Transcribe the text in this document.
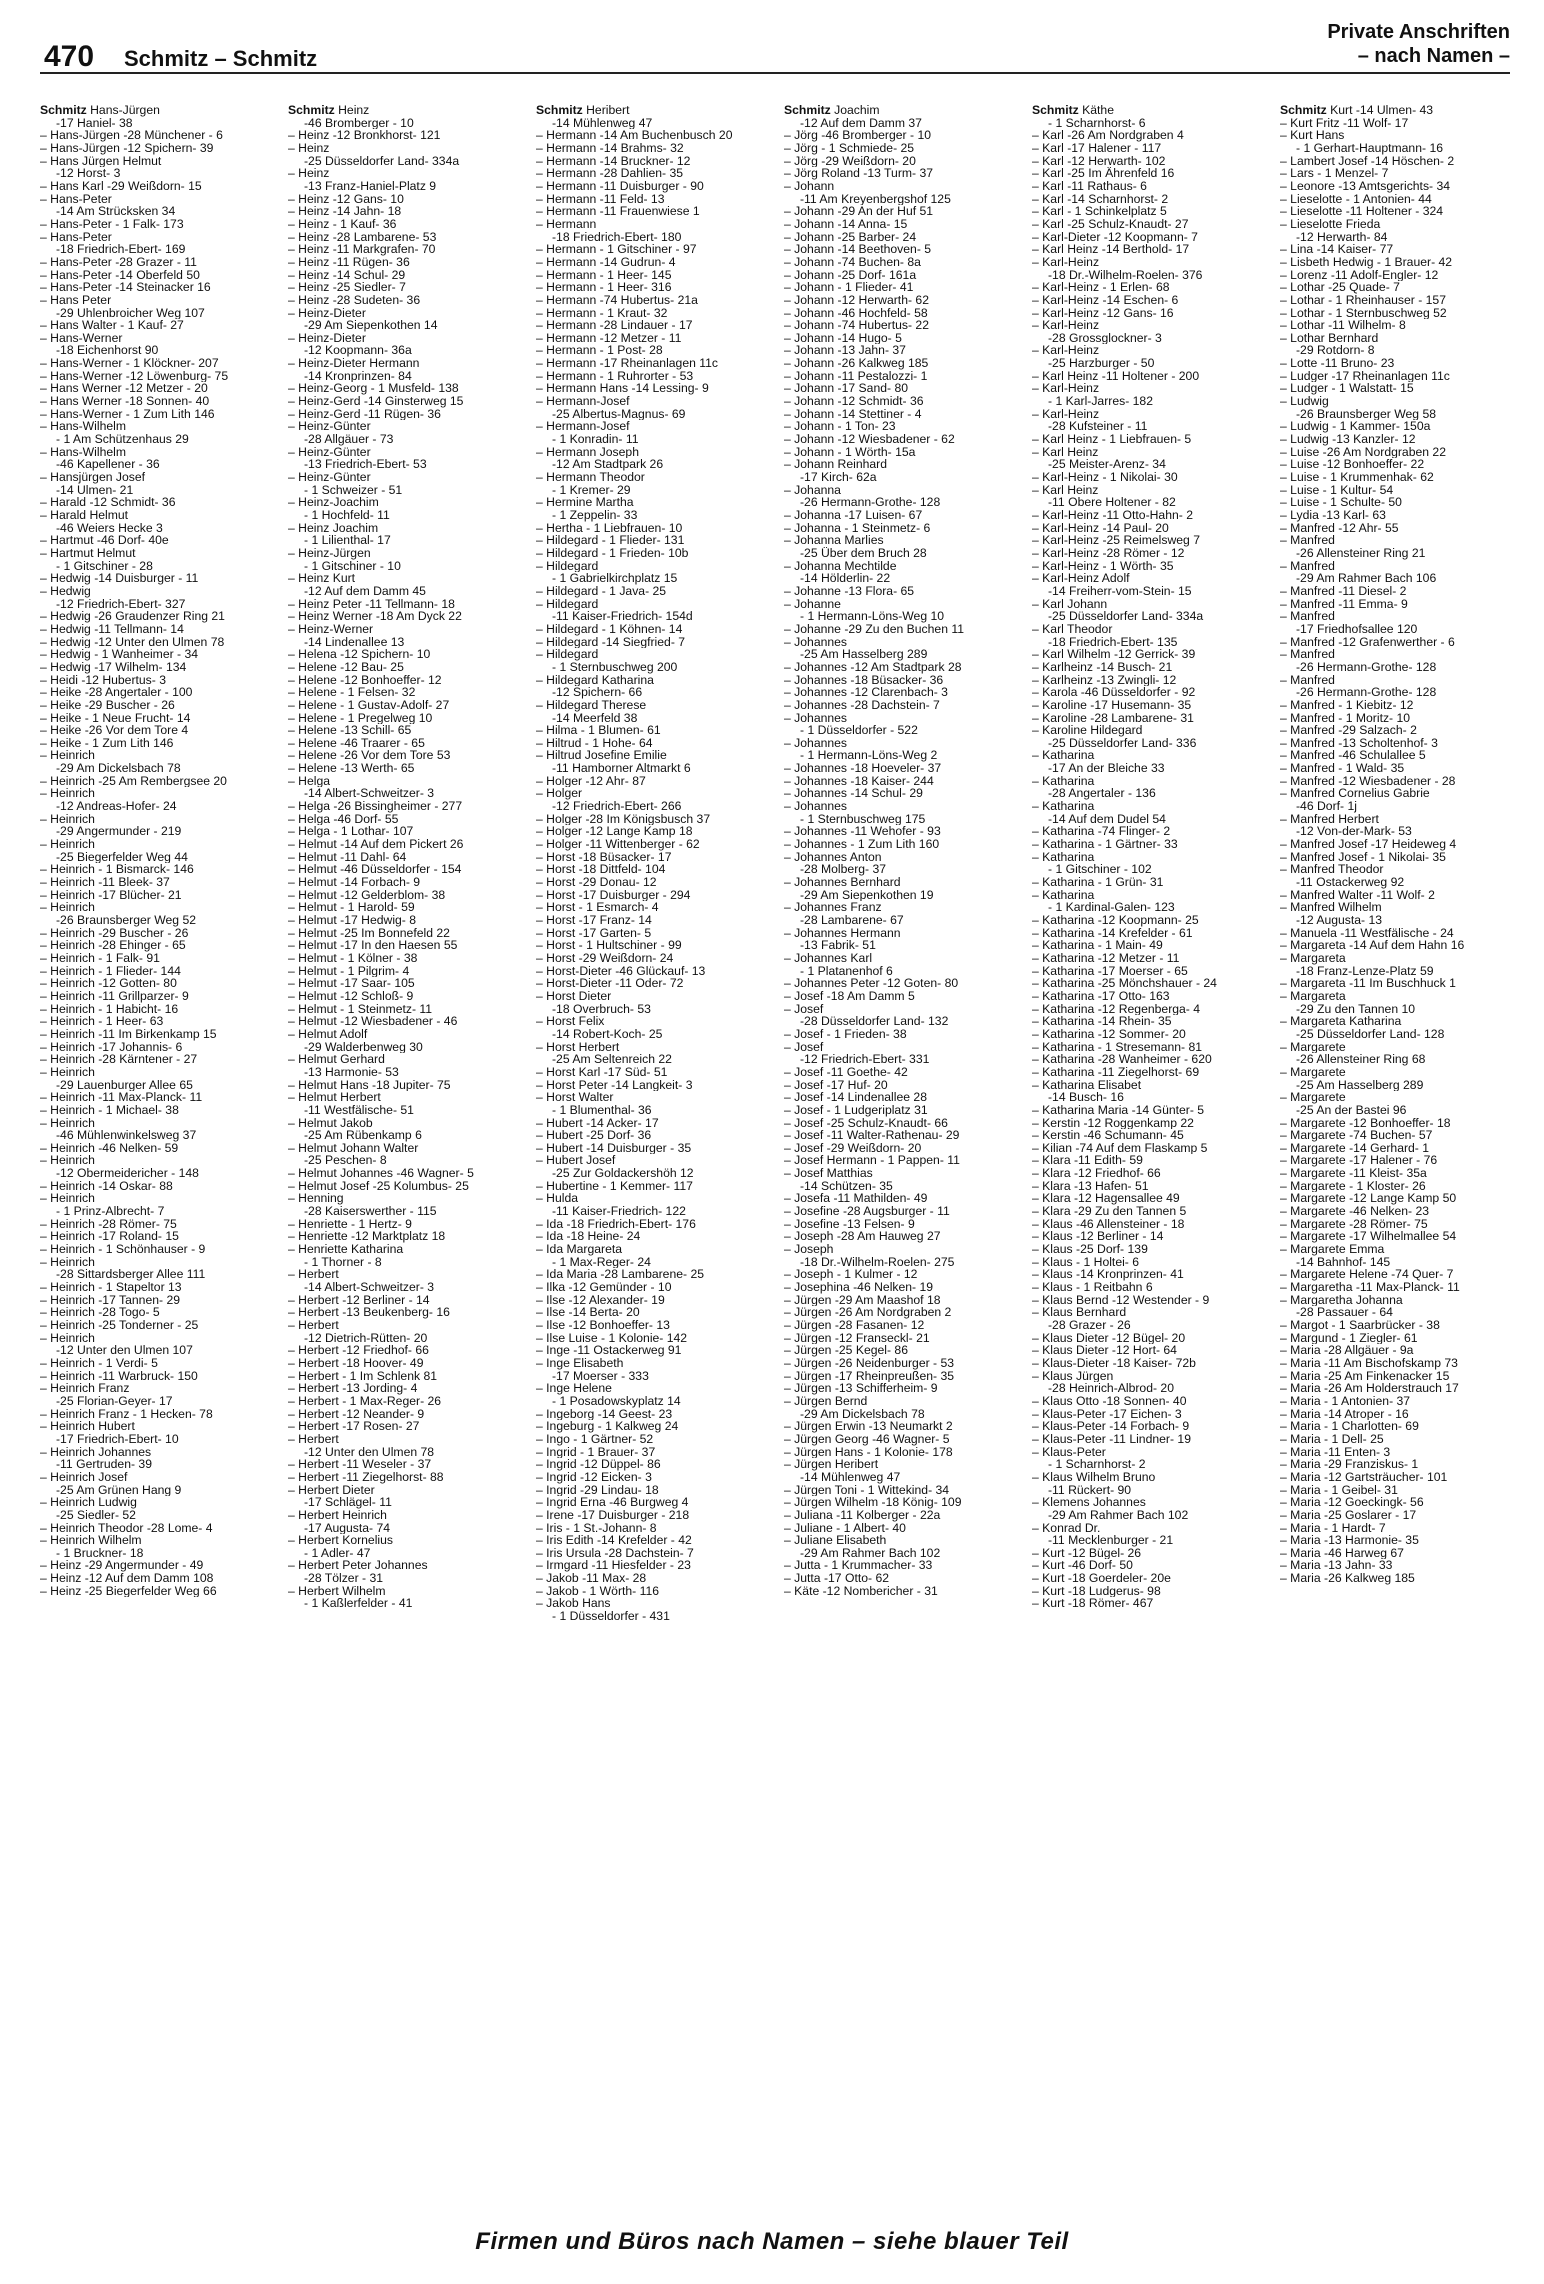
470 Schmitz – Schmitz
Private Anschriften
– nach Namen –
Schmitz Hans-Jürgen
-17 Haniel- 38
– Hans-Jürgen -28 Münchener - 6
– Hans-Jürgen -12 Spichern- 39
– Hans Jürgen Helmut
-12 Horst- 3
– Hans Karl -29 Weißdorn- 15
– Hans-Peter
-14 Am Strücksken 34
– Hans-Peter - 1 Falk- 173
– Hans-Peter
-18 Friedrich-Ebert- 169
– Hans-Peter -28 Grazer - 11
– Hans-Peter -14 Oberfeld 50
– Hans-Peter -14 Steinacker 16
– Hans Peter
-29 Uhlenbroicher Weg 107
– Hans Walter - 1 Kauf- 27
– Hans-Werner
-18 Eichenhorst 90
– Hans-Werner - 1 Klöckner- 207
– Hans-Werner -12 Löwenburg- 75
– Hans Werner -12 Metzer - 20
– Hans Werner -18 Sonnen- 40
– Hans-Werner - 1 Zum Lith 146
– Hans-Wilhelm
- 1 Am Schützenhaus 29
– Hans-Wilhelm
-46 Kapellener - 36
– Hansjürgen Josef
-14 Ulmen- 21
– Harald -12 Schmidt- 36
– Harald Helmut
-46 Weiers Hecke 3
– Hartmut -46 Dorf- 40e
– Hartmut Helmut
- 1 Gitschiner - 28
– Hedwig -14 Duisburger - 11
– Hedwig
-12 Friedrich-Ebert- 327
– Hedwig -26 Graudenzer Ring 21
– Hedwig -11 Tellmann- 14
– Hedwig -12 Unter den Ulmen 78
– Hedwig - 1 Wanheimer - 34
– Hedwig -17 Wilhelm- 134
– Heidi -12 Hubertus- 3
– Heike -28 Angertaler - 100
– Heike -29 Buscher - 26
– Heike - 1 Neue Frucht- 14
– Heike -26 Vor dem Tore 4
– Heike - 1 Zum Lith 146
– Heinrich
-29 Am Dickelsbach 78
– Heinrich -25 Am Rembergsee 20
– Heinrich
-12 Andreas-Hofer- 24
– Heinrich
-29 Angermunder - 219
– Heinrich
-25 Biegerfelder Weg 44
– Heinrich - 1 Bismarck- 146
– Heinrich -11 Bleek- 37
– Heinrich -17 Blücher- 21
– Heinrich
-26 Braunsberger Weg 52
– Heinrich -29 Buscher - 26
– Heinrich -28 Ehinger - 65
– Heinrich - 1 Falk- 91
– Heinrich - 1 Flieder- 144
– Heinrich -12 Gotten- 80
– Heinrich -11 Grillparzer- 9
– Heinrich - 1 Habicht- 16
– Heinrich - 1 Heer- 63
– Heinrich -11 Im Birkenkamp 15
– Heinrich -17 Johannis- 6
– Heinrich -28 Kärntener - 27
– Heinrich
-29 Lauenburger Allee 65
– Heinrich -11 Max-Planck- 11
– Heinrich - 1 Michael- 38
– Heinrich
-46 Mühlenwinkelsweg 37
– Heinrich -46 Nelken- 59
– Heinrich
-12 Obermeidericher - 148
– Heinrich -14 Oskar- 88
– Heinrich
- 1 Prinz-Albrecht- 7
– Heinrich -28 Römer- 75
– Heinrich -17 Roland- 15
– Heinrich - 1 Schönhauser - 9
– Heinrich
-28 Sittardsberger Allee 111
– Heinrich - 1 Stapeltor 13
– Heinrich -17 Tannen- 29
– Heinrich -28 Togo- 5
– Heinrich -25 Tonderner - 25
– Heinrich
-12 Unter den Ulmen 107
– Heinrich - 1 Verdi- 5
– Heinrich -11 Warbruck- 150
– Heinrich Franz
-25 Florian-Geyer- 17
– Heinrich Franz - 1 Hecken- 78
– Heinrich Hubert
-17 Friedrich-Ebert- 10
– Heinrich Johannes
-11 Gertruden- 39
– Heinrich Josef
-25 Am Grünen Hang 9
– Heinrich Ludwig
-25 Siedler- 52
– Heinrich Theodor -28 Lome- 4
– Heinrich Wilhelm
- 1 Bruckner- 18
– Heinz -29 Angermunder - 49
– Heinz -12 Auf dem Damm 108
– Heinz -25 Biegerfelder Weg 66
Schmitz Heinz
-46 Bromberger - 10
– Heinz -12 Bronkhorst- 121
– Heinz
-25 Düsseldorfer Land- 334a
– Heinz
-13 Franz-Haniel-Platz 9
– Heinz -12 Gans- 10
– Heinz -14 Jahn- 18
– Heinz - 1 Kauf- 36
– Heinz -28 Lambarene- 53
– Heinz -11 Markgrafen- 70
– Heinz -11 Rügen- 36
– Heinz -14 Schul- 29
– Heinz -25 Siedler- 7
– Heinz -28 Sudeten- 36
– Heinz-Dieter
-29 Am Siepenkothen 14
– Heinz-Dieter
-12 Koopmann- 36a
– Heinz-Dieter Hermann
-14 Kronprinzen- 84
– Heinz-Georg - 1 Musfeld- 138
– Heinz-Gerd -14 Ginsterweg 15
– Heinz-Gerd -11 Rügen- 36
– Heinz-Günter
-28 Allgäuer - 73
– Heinz-Günter
-13 Friedrich-Ebert- 53
– Heinz-Günter
- 1 Schweizer - 51
– Heinz-Joachim
- 1 Hochfeld- 11
– Heinz Joachim
- 1 Lilienthal- 17
– Heinz-Jürgen
- 1 Gitschiner - 10
– Heinz Kurt
-12 Auf dem Damm 45
– Heinz Peter -11 Tellmann- 18
– Heinz Werner -18 Am Dyck 22
– Heinz-Werner
-14 Lindenallee 13
– Helena -12 Spichern- 10
– Helene -12 Bau- 25
– Helene -12 Bonhoeffer- 12
– Helene - 1 Felsen- 32
– Helene - 1 Gustav-Adolf- 27
– Helene - 1 Pregelweg 10
– Helene -13 Schill- 65
– Helene -46 Traarer - 65
– Helene -26 Vor dem Tore 53
– Helene -13 Werth- 65
– Helga
-14 Albert-Schweitzer- 3
– Helga -26 Bissingheimer - 277
– Helga -46 Dorf- 55
– Helga - 1 Lothar- 107
– Helmut -14 Auf dem Pickert 26
– Helmut -11 Dahl- 64
– Helmut -46 Düsseldorfer - 154
– Helmut -14 Forbach- 9
– Helmut -12 Gelderblom- 38
– Helmut - 1 Harold- 59
– Helmut -17 Hedwig- 8
– Helmut -25 Im Bonnefeld 22
– Helmut -17 In den Haesen 55
– Helmut - 1 Kölner - 38
– Helmut - 1 Pilgrim- 4
– Helmut -17 Saar- 105
– Helmut -12 Schloß- 9
– Helmut - 1 Steinmetz- 11
– Helmut -12 Wiesbadener - 46
– Helmut Adolf
-29 Walderbenweg 30
– Helmut Gerhard
-13 Harmonie- 53
– Helmut Hans -18 Jupiter- 75
– Helmut Herbert
-11 Westfälische- 51
– Helmut Jakob
-25 Am Rübenkamp 6
– Helmut Johann Walter
-25 Peschen- 8
– Helmut Johannes -46 Wagner- 5
– Helmut Josef -25 Kolumbus- 25
– Henning
-28 Kaiserswerther - 115
– Henriette - 1 Hertz- 9
– Henriette -12 Marktplatz 18
– Henriette Katharina
- 1 Thorner - 8
– Herbert
-14 Albert-Schweitzer- 3
– Herbert -12 Berliner - 14
– Herbert -13 Beukenberg- 16
– Herbert
-12 Dietrich-Rütten- 20
– Herbert -12 Friedhof- 66
– Herbert -18 Hoover- 49
– Herbert - 1 Im Schlenk 81
– Herbert -13 Jording- 4
– Herbert - 1 Max-Reger- 26
– Herbert -12 Neander- 9
– Herbert -17 Rosen- 27
– Herbert
-12 Unter den Ulmen 78
– Herbert -11 Weseler - 37
– Herbert -11 Ziegelhorst- 88
– Herbert Dieter
-17 Schlägel- 11
– Herbert Heinrich
-17 Augusta- 74
– Herbert Kornelius
- 1 Adler- 47
– Herbert Peter Johannes
-28 Tölzer - 31
– Herbert Wilhelm
- 1 Kaßlerfelder - 41
Schmitz Heribert
-14 Mühlenweg 47
– Hermann -14 Am Buchenbusch 20
– Hermann -14 Brahms- 32
– Hermann -14 Bruckner- 12
– Hermann -28 Dahlien- 35
– Hermann -11 Duisburger - 90
– Hermann -11 Feld- 13
– Hermann -11 Frauenwiese 1
– Hermann
-18 Friedrich-Ebert- 180
– Hermann - 1 Gitschiner - 97
– Hermann -14 Gudrun- 4
– Hermann - 1 Heer- 145
– Hermann - 1 Heer- 316
– Hermann -74 Hubertus- 21a
– Hermann - 1 Kraut- 32
– Hermann -28 Lindauer - 17
– Hermann -12 Metzer - 11
– Hermann - 1 Post- 28
– Hermann -17 Rheinanlagen 11c
– Hermann - 1 Ruhrorter - 53
– Hermann Hans -14 Lessing- 9
– Hermann-Josef
-25 Albertus-Magnus- 69
– Hermann-Josef
- 1 Konradin- 11
– Hermann Joseph
-12 Am Stadtpark 26
– Hermann Theodor
- 1 Kremer- 29
– Hermine Martha
- 1 Zeppelin- 33
– Hertha - 1 Liebfrauen- 10
– Hildegard - 1 Flieder- 131
– Hildegard - 1 Frieden- 10b
– Hildegard
- 1 Gabrielkirchplatz 15
– Hildegard - 1 Java- 25
– Hildegard
-11 Kaiser-Friedrich- 154d
– Hildegard - 1 Köhnen- 14
– Hildegard -14 Siegfried- 7
– Hildegard
- 1 Sternbuschweg 200
– Hildegard Katharina
-12 Spichern- 66
– Hildegard Therese
-14 Meerfeld 38
– Hilma - 1 Blumen- 61
– Hiltrud - 1 Hohe- 64
– Hiltrud Josefine Emilie
-11 Hamborner Altmarkt 6
– Holger -12 Ahr- 87
– Holger
-12 Friedrich-Ebert- 266
– Holger -28 Im Königsbusch 37
– Holger -12 Lange Kamp 18
– Holger -11 Wittenberger - 62
– Horst -18 Büsacker- 17
– Horst -18 Dittfeld- 104
– Horst -29 Donau- 12
– Horst -17 Duisburger - 294
– Horst - 1 Esmarch- 4
– Horst -17 Franz- 14
– Horst -17 Garten- 5
– Horst - 1 Hultschiner - 99
– Horst -29 Weißdorn- 24
– Horst-Dieter -46 Glückauf- 13
– Horst-Dieter -11 Oder- 72
– Horst Dieter
-18 Overbruch- 53
– Horst Felix
-14 Robert-Koch- 25
– Horst Herbert
-25 Am Seltenreich 22
– Horst Karl -17 Süd- 51
– Horst Peter -14 Langkeit- 3
– Horst Walter
- 1 Blumenthal- 36
– Hubert -14 Acker- 17
– Hubert -25 Dorf- 36
– Hubert -14 Duisburger - 35
– Hubert Josef
-25 Zur Goldackershöh 12
– Hubertine - 1 Kemmer- 117
– Hulda
-11 Kaiser-Friedrich- 122
– Ida -18 Friedrich-Ebert- 176
– Ida -18 Heine- 24
– Ida Margareta
- 1 Max-Reger- 24
– Ida Maria -28 Lambarene- 25
– Ilka -12 Gemünder - 10
– Ilse -12 Alexander- 19
– Ilse -14 Berta- 20
– Ilse -12 Bonhoeffer- 13
– Ilse Luise - 1 Kolonie- 142
– Inge -11 Ostackerweg 91
– Inge Elisabeth
-17 Moerser - 333
– Inge Helene
- 1 Posadowskyplatz 14
– Ingeborg -14 Geest- 23
– Ingeburg - 1 Kalkweg 24
– Ingo - 1 Gärtner- 52
– Ingrid - 1 Brauer- 37
– Ingrid -12 Düppel- 86
– Ingrid -12 Eicken- 3
– Ingrid -29 Lindau- 18
– Ingrid Erna -46 Burgweg 4
– Irene -17 Duisburger - 218
– Iris - 1 St.-Johann- 8
– Iris Edith -14 Krefelder - 42
– Iris Ursula -28 Dachstein- 7
– Irmgard -11 Hiesfelder - 23
– Jakob -11 Max- 28
– Jakob - 1 Wörth- 116
– Jakob Hans
- 1 Düsseldorfer - 431
Schmitz Joachim
-12 Auf dem Damm 37
– Jörg -46 Bromberger - 10
– Jörg - 1 Schmiede- 25
– Jörg -29 Weißdorn- 20
– Jörg Roland -13 Turm- 37
– Johann
-11 Am Kreyenbergshof 125
– Johann -29 An der Huf 51
– Johann -14 Anna- 15
– Johann -25 Barber- 24
– Johann -14 Beethoven- 5
– Johann -74 Buchen- 8a
– Johann -25 Dorf- 161a
– Johann - 1 Flieder- 41
– Johann -12 Herwarth- 62
– Johann -46 Hochfeld- 58
– Johann -74 Hubertus- 22
– Johann -14 Hugo- 5
– Johann -13 Jahn- 37
– Johann -26 Kalkweg 185
– Johann -11 Pestalozzi- 1
– Johann -17 Sand- 80
– Johann -12 Schmidt- 36
– Johann -14 Stettiner - 4
– Johann - 1 Ton- 23
– Johann -12 Wiesbadener - 62
– Johann - 1 Wörth- 15a
– Johann Reinhard
-17 Kirch- 62a
– Johanna
-26 Hermann-Grothe- 128
– Johanna -17 Luisen- 67
– Johanna - 1 Steinmetz- 6
– Johanna Marlies
-25 Über dem Bruch 28
– Johanna Mechtilde
-14 Hölderlin- 22
– Johanne -13 Flora- 65
– Johanne
- 1 Hermann-Löns-Weg 10
– Johanne -29 Zu den Buchen 11
– Johannes
-25 Am Hasselberg 289
– Johannes -12 Am Stadtpark 28
– Johannes -18 Büsacker- 36
– Johannes -12 Clarenbach- 3
– Johannes -28 Dachstein- 7
– Johannes
- 1 Düsseldorfer - 522
– Johannes
- 1 Hermann-Löns-Weg 2
– Johannes -18 Hoeveler- 37
– Johannes -18 Kaiser- 244
– Johannes -14 Schul- 29
– Johannes
- 1 Sternbuschweg 175
– Johannes -11 Wehofer - 93
– Johannes - 1 Zum Lith 160
– Johannes Anton
-28 Molberg- 37
– Johannes Bernhard
-29 Am Siepenkothen 19
– Johannes Franz
-28 Lambarene- 67
– Johannes Hermann
-13 Fabrik- 51
– Johannes Karl
- 1 Platanenhof 6
– Johannes Peter -12 Goten- 80
– Josef -18 Am Damm 5
– Josef
-28 Düsseldorfer Land- 132
– Josef - 1 Frieden- 38
– Josef
-12 Friedrich-Ebert- 331
– Josef -11 Goethe- 42
– Josef -17 Huf- 20
– Josef -14 Lindenallee 28
– Josef - 1 Ludgeriplatz 31
– Josef -25 Schulz-Knaudt- 66
– Josef -11 Walter-Rathenau- 29
– Josef -29 Weißdorn- 20
– Josef Hermann - 1 Pappen- 11
– Josef Matthias
-14 Schützen- 35
– Josefa -11 Mathilden- 49
– Josefine -28 Augsburger - 11
– Josefine -13 Felsen- 9
– Joseph -28 Am Hauweg 27
– Joseph
-18 Dr.-Wilhelm-Roelen- 275
– Joseph - 1 Kulmer - 12
– Josephina -46 Nelken- 19
– Jürgen -29 Am Maashof 18
– Jürgen -26 Am Nordgraben 2
– Jürgen -28 Fasanen- 12
– Jürgen -12 Franseckl- 21
– Jürgen -25 Kegel- 86
– Jürgen -26 Neidenburger - 53
– Jürgen -17 Rheinpreußen- 35
– Jürgen -13 Schifferheim- 9
– Jürgen Bernd
-29 Am Dickelsbach 78
– Jürgen Erwin -13 Neumarkt 2
– Jürgen Georg -46 Wagner- 5
– Jürgen Hans - 1 Kolonie- 178
– Jürgen Heribert
-14 Mühlenweg 47
– Jürgen Toni - 1 Wittekind- 34
– Jürgen Wilhelm -18 König- 109
– Juliana -11 Kolberger - 22a
– Juliane - 1 Albert- 40
– Juliane Elisabeth
-29 Am Rahmer Bach 102
– Jutta - 1 Krummacher- 33
– Jutta -17 Otto- 62
– Käte -12 Nombericher - 31
Schmitz Käthe
- 1 Scharnhorst- 6
– Karl -26 Am Nordgraben 4
– Karl -17 Halener - 117
– Karl -12 Herwarth- 102
– Karl -25 Im Ährenfeld 16
– Karl -11 Rathaus- 6
– Karl -14 Scharnhorst- 2
– Karl - 1 Schinkelplatz 5
– Karl -25 Schulz-Knaudt- 27
– Karl-Dieter -12 Koopmann- 7
– Karl Heinz -14 Berthold- 17
– Karl-Heinz
-18 Dr.-Wilhelm-Roelen- 376
– Karl-Heinz - 1 Erlen- 68
– Karl-Heinz -14 Eschen- 6
– Karl-Heinz -12 Gans- 16
– Karl-Heinz
-28 Grossglockner- 3
– Karl-Heinz
-25 Harzburger - 50
– Karl Heinz -11 Holtener - 200
– Karl-Heinz
- 1 Karl-Jarres- 182
– Karl-Heinz
-28 Kufsteiner - 11
– Karl Heinz - 1 Liebfrauen- 5
– Karl Heinz
-25 Meister-Arenz- 34
– Karl-Heinz - 1 Nikolai- 30
– Karl Heinz
-11 Obere Holtener - 82
– Karl-Heinz -11 Otto-Hahn- 2
– Karl-Heinz -14 Paul- 20
– Karl-Heinz -25 Reimelsweg 7
– Karl-Heinz -28 Römer - 12
– Karl-Heinz - 1 Wörth- 35
– Karl-Heinz Adolf
-14 Freiherr-vom-Stein- 15
– Karl Johann
-25 Düsseldorfer Land- 334a
– Karl Theodor
-18 Friedrich-Ebert- 135
– Karl Wilhelm -12 Gerrick- 39
– Karlheinz -14 Busch- 21
– Karlheinz -13 Zwingli- 12
– Karola -46 Düsseldorfer - 92
– Karoline -17 Husemann- 35
– Karoline -28 Lambarene- 31
– Karoline Hildegard
-25 Düsseldorfer Land- 336
– Katharina
-17 An der Bleiche 33
– Katharina
-28 Angertaler - 136
– Katharina
-14 Auf dem Dudel 54
– Katharina -74 Flinger- 2
– Katharina - 1 Gärtner- 33
– Katharina
- 1 Gitschiner - 102
– Katharina - 1 Grün- 31
– Katharina
- 1 Kardinal-Galen- 123
– Katharina -12 Koopmann- 25
– Katharina -14 Krefelder - 61
– Katharina - 1 Main- 49
– Katharina -12 Metzer - 11
– Katharina -17 Moerser - 65
– Katharina -25 Mönchshauer - 24
– Katharina -17 Otto- 163
– Katharina -12 Regenberga- 4
– Katharina -14 Rhein- 35
– Katharina -12 Sommer- 20
– Katharina - 1 Stresemann- 81
– Katharina -28 Wanheimer - 620
– Katharina -11 Ziegelhorst- 69
– Katharina Elisabet
-14 Busch- 16
– Katharina Maria -14 Günter- 5
– Kerstin -12 Roggenkamp 22
– Kerstin -46 Schumann- 45
– Kilian -74 Auf dem Flaskamp 5
– Klara -11 Edith- 59
– Klara -12 Friedhof- 66
– Klara -13 Hafen- 51
– Klara -12 Hagensallee 49
– Klara -29 Zu den Tannen 5
– Klaus -46 Allensteiner - 18
– Klaus -12 Berliner - 14
– Klaus -25 Dorf- 139
– Klaus - 1 Holtei- 6
– Klaus -14 Kronprinzen- 41
– Klaus - 1 Reitbahn 6
– Klaus Bernd -12 Westender - 9
– Klaus Bernhard
-28 Grazer - 26
– Klaus Dieter -12 Bügel- 20
– Klaus Dieter -12 Hort- 64
– Klaus-Dieter -18 Kaiser- 72b
– Klaus Jürgen
-28 Heinrich-Albrod- 20
– Klaus Otto -18 Sonnen- 40
– Klaus-Peter -17 Eichen- 3
– Klaus-Peter -14 Forbach- 9
– Klaus-Peter -11 Lindner- 19
– Klaus-Peter
- 1 Scharnhorst- 2
– Klaus Wilhelm Bruno
-11 Rückert- 90
– Klemens Johannes
-29 Am Rahmer Bach 102
– Konrad Dr.
-11 Mecklenburger - 21
– Kurt -12 Bügel- 26
– Kurt -46 Dorf- 50
– Kurt -18 Goerdeler- 20e
– Kurt -18 Ludgerus- 98
– Kurt -18 Römer- 467
Schmitz Kurt -14 Ulmen- 43
– Kurt Fritz -11 Wolf- 17
– Kurt Hans
- 1 Gerhart-Hauptmann- 16
– Lambert Josef -14 Höschen- 2
– Lars - 1 Menzel- 7
– Leonore -13 Amtsgerichts- 34
– Lieselotte - 1 Antonien- 44
– Lieselotte -11 Holtener - 324
– Lieselotte Frieda
-12 Herwarth- 84
– Lina -14 Kaiser- 77
– Lisbeth Hedwig - 1 Brauer- 42
– Lorenz -11 Adolf-Engler- 12
– Lothar -25 Quade- 7
– Lothar - 1 Rheinhauser - 157
– Lothar - 1 Sternbuschweg 52
– Lothar -11 Wilhelm- 8
– Lothar Bernhard
-29 Rotdorn- 8
– Lotte -11 Bruno- 23
– Ludger -17 Rheinanlagen 11c
– Ludger - 1 Walstatt- 15
– Ludwig
-26 Braunsberger Weg 58
– Ludwig - 1 Kammer- 150a
– Ludwig -13 Kanzler- 12
– Luise -26 Am Nordgraben 22
– Luise -12 Bonhoeffer- 22
– Luise - 1 Krummenhak- 62
– Luise - 1 Kultur- 54
– Luise - 1 Schulte- 50
– Lydia -13 Karl- 63
– Manfred -12 Ahr- 55
– Manfred
-26 Allensteiner Ring 21
– Manfred
-29 Am Rahmer Bach 106
– Manfred -11 Diesel- 2
– Manfred -11 Emma- 9
– Manfred
-17 Friedhofsallee 120
– Manfred -12 Grafenwerther - 6
– Manfred
-26 Hermann-Grothe- 128
– Manfred
-26 Hermann-Grothe- 128
– Manfred - 1 Kiebitz- 12
– Manfred - 1 Moritz- 10
– Manfred -29 Salzach- 2
– Manfred -13 Scholtenhof- 3
– Manfred -46 Schulallee 5
– Manfred - 1 Wald- 35
– Manfred -12 Wiesbadener - 28
– Manfred Cornelius Gabrie
-46 Dorf- 1j
– Manfred Herbert
-12 Von-der-Mark- 53
– Manfred Josef -17 Heideweg 4
– Manfred Josef - 1 Nikolai- 35
– Manfred Theodor
-11 Ostackerweg 92
– Manfred Walter -11 Wolf- 2
– Manfred Wilhelm
-12 Augusta- 13
– Manuela -11 Westfälische - 24
– Margareta -14 Auf dem Hahn 16
– Margareta
-18 Franz-Lenze-Platz 59
– Margareta -11 Im Buschhuck 1
– Margareta
-29 Zu den Tannen 10
– Margareta Katharina
-25 Düsseldorfer Land- 128
– Margarete
-26 Allensteiner Ring 68
– Margarete
-25 Am Hasselberg 289
– Margarete
-25 An der Bastei 96
– Margarete -12 Bonhoeffer- 18
– Margarete -74 Buchen- 57
– Margarete -14 Gerhard- 1
– Margarete -17 Halener - 76
– Margarete -11 Kleist- 35a
– Margarete - 1 Kloster- 26
– Margarete -12 Lange Kamp 50
– Margarete -46 Nelken- 23
– Margarete -28 Römer- 75
– Margarete -17 Wilhelmallee 54
– Margarete Emma
-14 Bahnhof- 145
– Margarete Helene -74 Quer- 7
– Margaretha -11 Max-Planck- 11
– Margaretha Johanna
-28 Passauer - 64
– Margot - 1 Saarbrücker - 38
– Margund - 1 Ziegler- 61
– Maria -28 Allgäuer - 9a
– Maria -11 Am Bischofskamp 73
– Maria -25 Am Finkenacker 15
– Maria -26 Am Holderstrauch 17
– Maria - 1 Antonien- 37
– Maria -14 Atroper - 16
– Maria - 1 Charlotten- 69
– Maria - 1 Dell- 25
– Maria -11 Enten- 3
– Maria -29 Franziskus- 1
– Maria -12 Gartsträucher- 101
– Maria - 1 Geibel- 31
– Maria -12 Goeckingk- 56
– Maria -25 Goslarer - 17
– Maria - 1 Hardt- 7
– Maria -13 Harmonie- 35
– Maria -46 Harweg 67
– Maria -13 Jahn- 33
– Maria -26 Kalkweg 185
Firmen und Büros nach Namen – siehe blauer Teil
